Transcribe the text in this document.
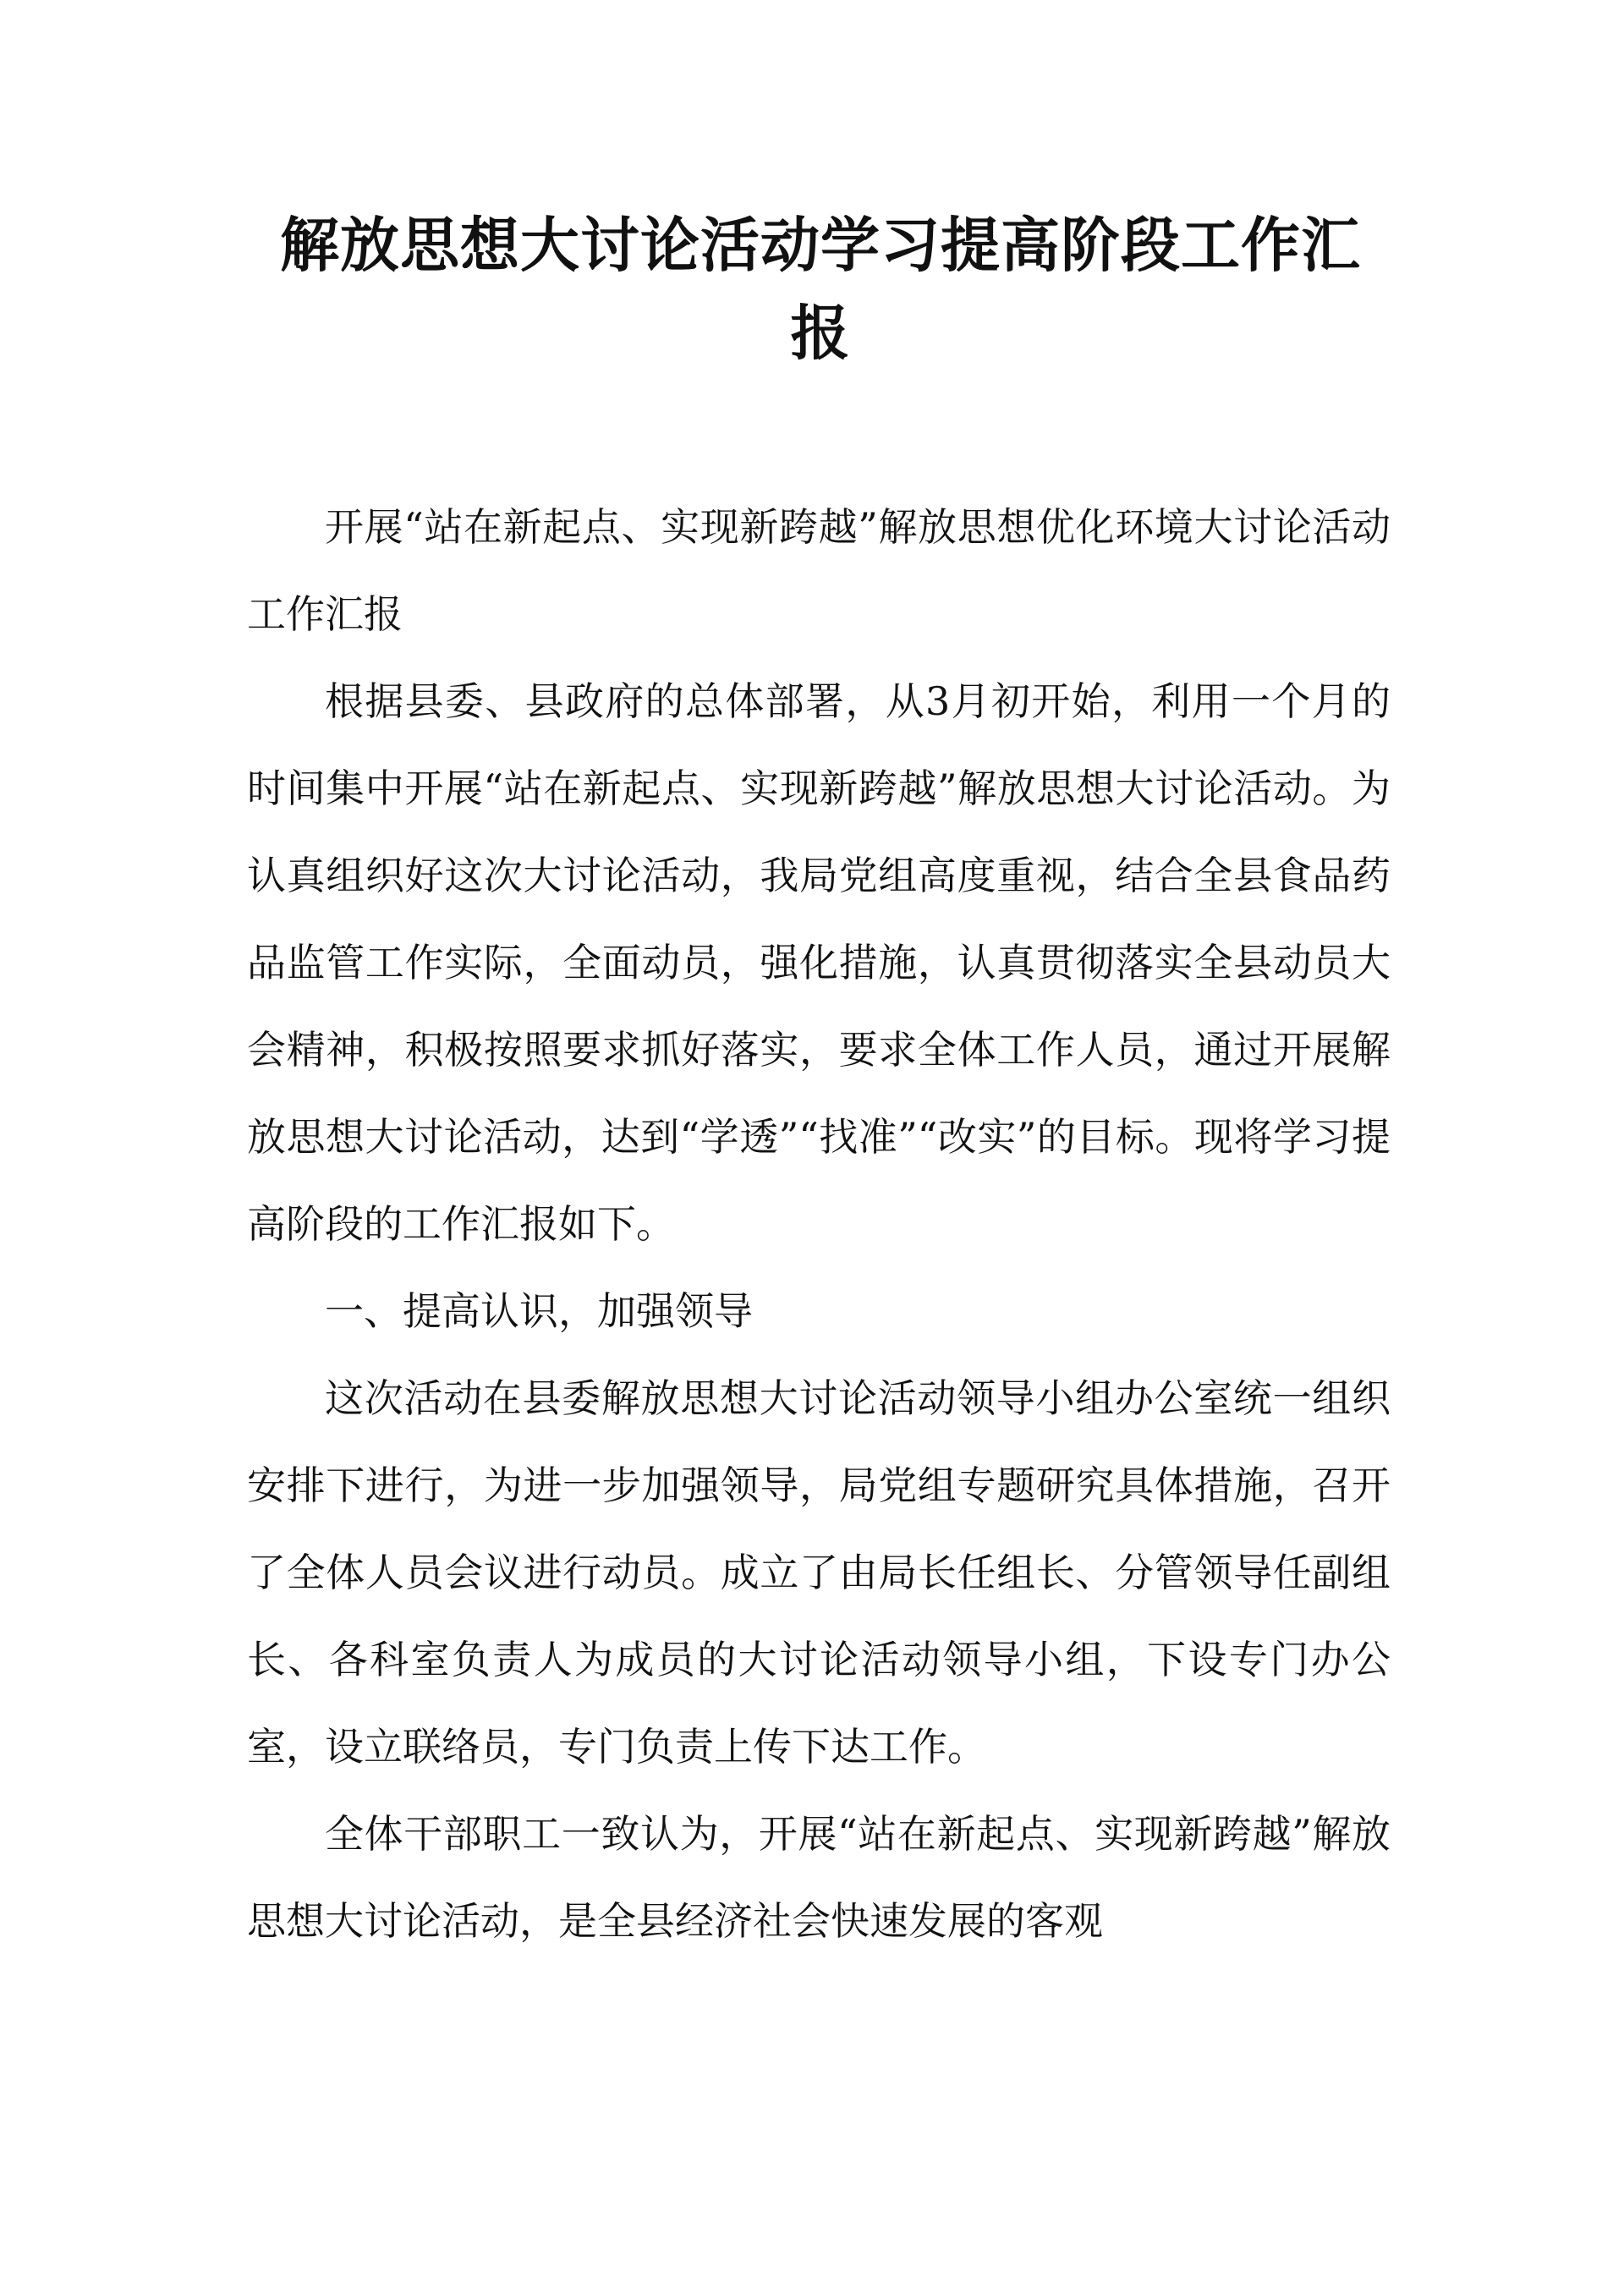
解放思想大讨论活动学习提高阶段工作汇报

开展“站在新起点、实现新跨越”解放思想优化环境大讨论活动工作汇报

根据县委、县政府的总体部署，从3月初开始，利用一个月的时间集中开展“站在新起点、实现新跨越”解放思想大讨论活动。为认真组织好这次大讨论活动，我局党组高度重视，结合全县食品药品监管工作实际，全面动员，强化措施，认真贯彻落实全县动员大会精神，积极按照要求抓好落实，要求全体工作人员，通过开展解放思想大讨论活动，达到“学透”“找准”“改实”的目标。现将学习提高阶段的工作汇报如下。

一、提高认识，加强领导

这次活动在县委解放思想大讨论活动领导小组办公室统一组织安排下进行，为进一步加强领导，局党组专题研究具体措施，召开了全体人员会议进行动员。成立了由局长任组长、分管领导任副组长、各科室负责人为成员的大讨论活动领导小组，下设专门办公室，设立联络员，专门负责上传下达工作。

全体干部职工一致认为，开展“站在新起点、实现新跨越”解放思想大讨论活动，是全县经济社会快速发展的客观
